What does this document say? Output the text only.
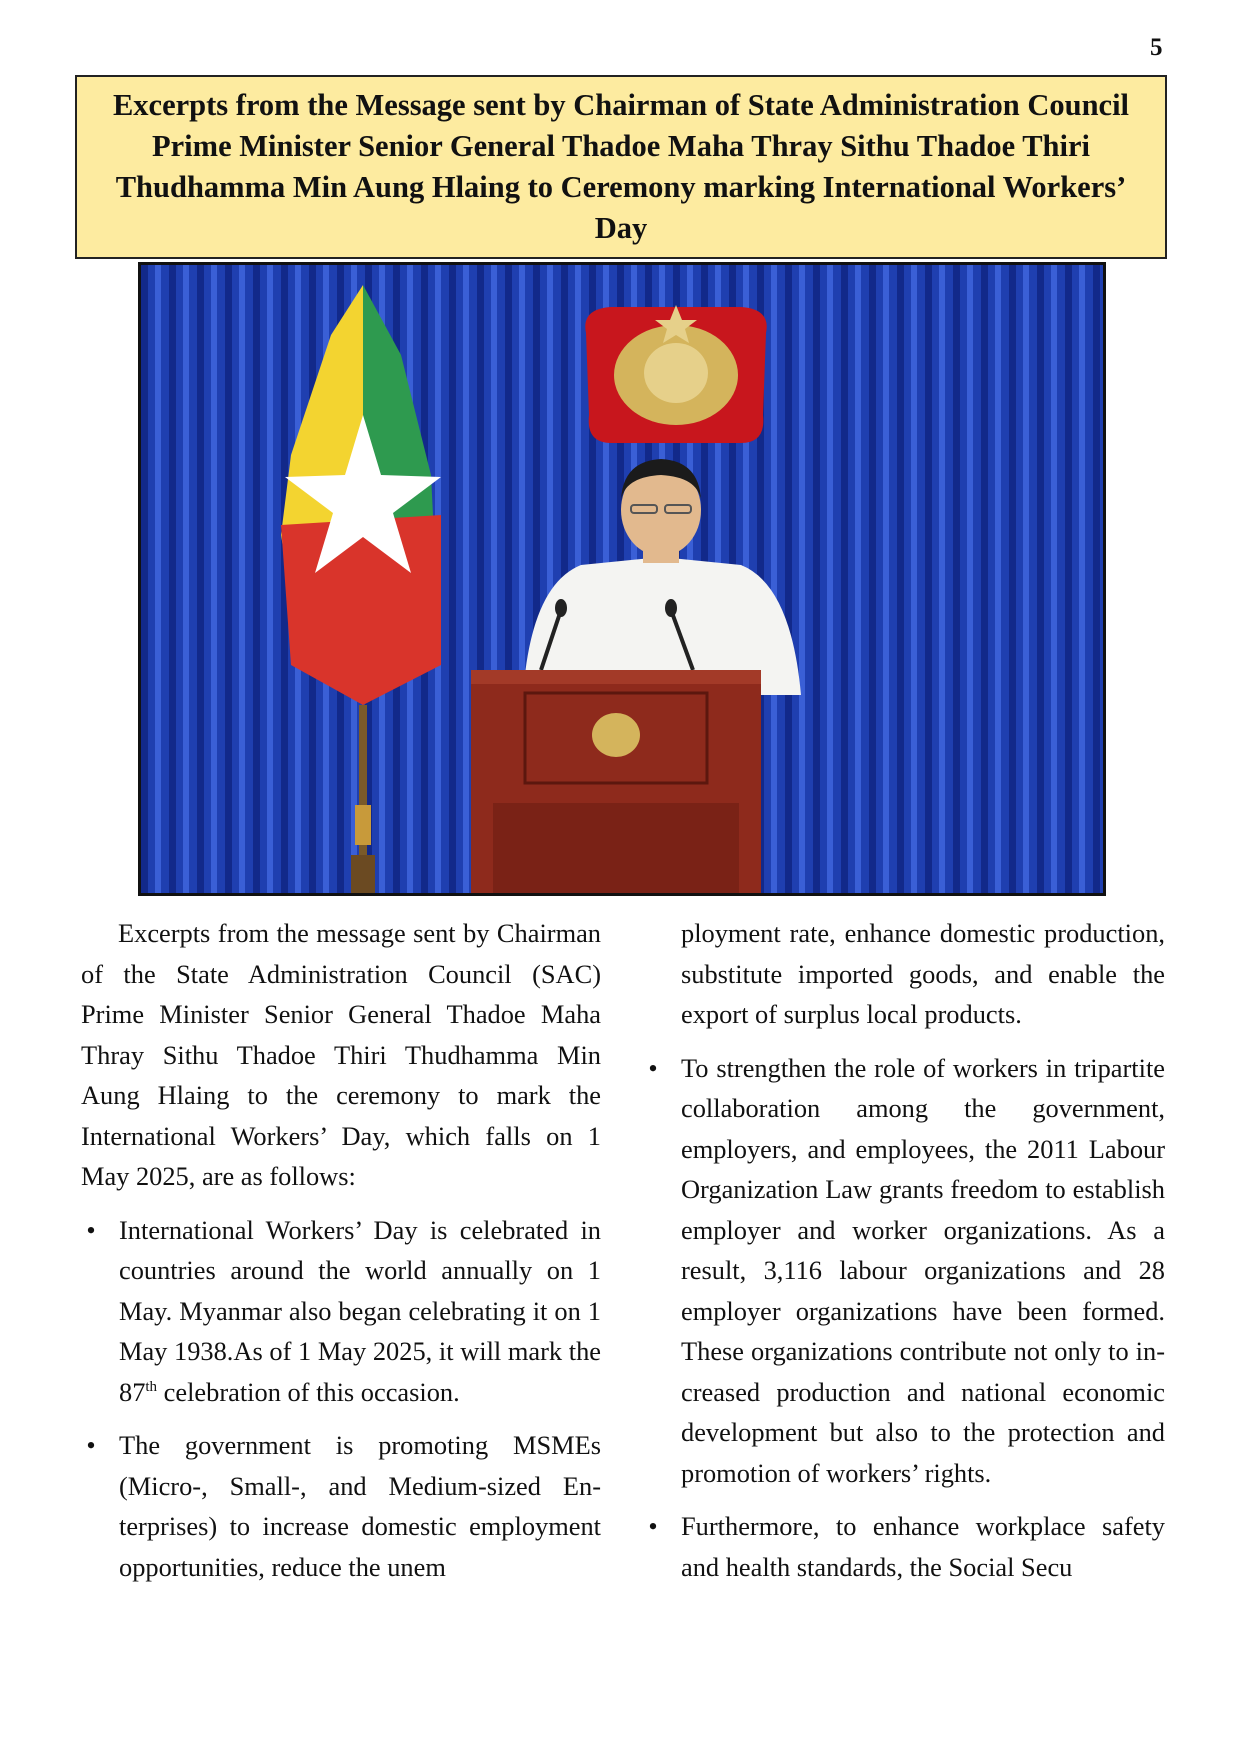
5
Excerpts from the Message sent by Chairman of State Administration Council Prime Minister Senior General Thadoe Maha Thray Sithu Thadoe Thiri Thudhamma Min Aung Hlaing to Ceremony marking International Workers’ Day

Excerpts from the message sent by Chairman of the State Administration Council (SAC) Prime Minister Senior General Thadoe Maha Thray Sithu Thadoe Thiri Thudhamma Min Aung Hlaing to the ceremony to mark the International Workers’ Day, which falls on 1 May 2025, are as follows:

• International Workers’ Day is celebrated in countries around the world annually on 1 May. Myanmar also began celebrating it on 1 May 1938.As of 1 May 2025, it will mark the 87th celebration of this occasion.
• The government is promoting MSMEs (Micro-, Small-, and Medium-sized Enterprises) to increase domestic employment opportunities, reduce the unem

ployment rate, enhance domestic production, substitute imported goods, and enable the export of surplus local products.

• To strengthen the role of workers in tripartite collaboration among the government, employers, and employees, the 2011 Labour Organization Law grants freedom to establish employer and worker organizations. As a result, 3,116 labour organizations and 28 employer organizations have been formed. These organizations contribute not only to increased production and national economic development but also to the protection and promotion of workers’ rights.
• Furthermore, to enhance workplace safety and health standards, the Social Secu
